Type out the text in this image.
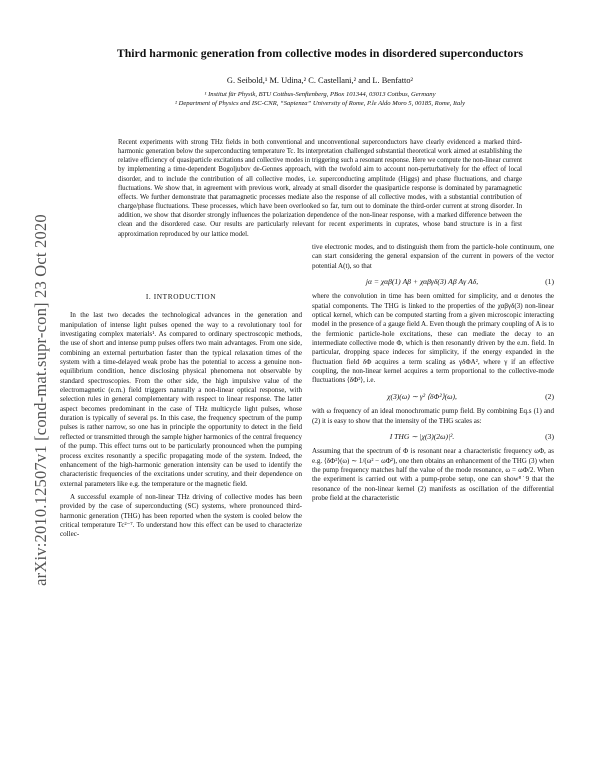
arXiv:2010.12507v1 [cond-mat.supr-con] 23 Oct 2020
Third harmonic generation from collective modes in disordered superconductors
G. Seibold,¹ M. Udina,² C. Castellani,² and L. Benfatto²
¹ Institut für Physik, BTU Cottbus-Senftenberg, PBox 101344, 03013 Cottbus, Germany
² Department of Physics and ISC-CNR, “Sapienza” University of Rome, P.le Aldo Moro 5, 00185, Rome, Italy
Recent experiments with strong THz fields in both conventional and unconventional superconductors have clearly evidenced a marked third-harmonic generation below the superconducting temperature Tc. Its interpretation challenged substantial theoretical work aimed at establishing the relative efficiency of quasiparticle excitations and collective modes in triggering such a resonant response. Here we compute the non-linear current by implementing a time-dependent Bogoljubov de-Gennes approach, with the twofold aim to account non-perturbatively for the effect of local disorder, and to include the contribution of all collective modes, i.e. superconducting amplitude (Higgs) and phase fluctuations, and charge fluctuations. We show that, in agreement with previous work, already at small disorder the quasiparticle response is dominated by paramagnetic effects. We further demonstrate that paramagnetic processes mediate also the response of all collective modes, with a substantial contribution of charge/phase fluctuations. These processes, which have been overlooked so far, turn out to dominate the third-order current at strong disorder. In addition, we show that disorder strongly influences the polarization dependence of the non-linear response, with a marked difference between the clean and the disordered case. Our results are particularly relevant for recent experiments in cuprates, whose band structure is in a first approximation reproduced by our lattice model.
I. INTRODUCTION

In the last two decades the technological advances in the generation and manipulation of intense light pulses opened the way to a revolutionary tool for investigating complex materials¹. As compared to ordinary spectroscopic methods, the use of short and intense pump pulses offers two main advantages. From one side, combining an external perturbation faster than the typical relaxation times of the system with a time-delayed weak probe has the potential to access a genuine non-equilibrium condition, hence disclosing physical phenomena not observable by standard spectroscopies. From the other side, the high impulsive value of the electromagnetic (e.m.) field triggers naturally a non-linear optical response, with selection rules in general complementary with respect to linear response. The latter aspect becomes predominant in the case of THz multicycle light pulses, whose duration is typically of several ps. In this case, the frequency spectrum of the pump pulses is rather narrow, so one has in principle the opportunity to detect in the field reflected or transmitted through the sample higher harmonics of the central frequency of the pump. This effect turns out to be particularly pronounced when the pumping process excites resonantly a specific propagating mode of the system. Indeed, the enhancement of the high-harmonic generation intensity can be used to identify the characteristic frequencies of the excitations under scrutiny, and their dependence on external parameters like e.g. the temperature or the magnetic field.

A successful example of non-linear THz driving of collective modes has been provided by the case of superconducting (SC) systems, where pronounced third-harmonic generation (THG) has been reported when the system is cooled below the critical temperature Tc²⁻⁷. To understand how this effect can be used to characterize collec-

tive electronic modes, and to distinguish them from the particle-hole continuum, one can start considering the general expansion of the current in powers of the vector potential A(t), so that

jα = χαβ(1) Aβ + χαβγδ(3) Aβ Aγ Aδ,	(1)

where the convolution in time has been omitted for simplicity, and α denotes the spatial components. The THG is linked to the properties of the χαβγδ(3) non-linear optical kernel, which can be computed starting from a given microscopic interacting model in the presence of a gauge field A. Even though the primary coupling of A is to the fermionic particle-hole excitations, these can mediate the decay to an intermediate collective mode Φ, which is then resonantly driven by the e.m. field. In particular, dropping space indeces for simplicity, if the energy expanded in the fluctuation field δΦ acquires a term scaling as γδΦA², where γ if an effective coupling, the non-linear kernel acquires a term proportional to the collective-mode fluctuations ⟨δΦ²⟩, i.e.

χ(3)(ω) ∼ γ² ⟨δΦ²⟩(ω),	(2)

with ω frequency of an ideal monochromatic pump field. By combining Eq.s (1) and (2) it is easy to show that the intensity of the THG scales as:

I THG ∼ |χ(3)(2ω)|².	(3)

Assuming that the spectrum of Φ is resonant near a characteristic frequency ωΦ, as e.g. ⟨δΦ²⟩(ω) ∼ 1/(ω² − ωΦ²), one then obtains an enhancement of the THG (3) when the pump frequency matches half the value of the mode resonance, ω = ωΦ/2. When the experiment is carried out with a pump-probe setup, one can show⁸˙9 that the resonance of the non-linear kernel (2) manifests as oscillation of the differential probe field at the characteristic
